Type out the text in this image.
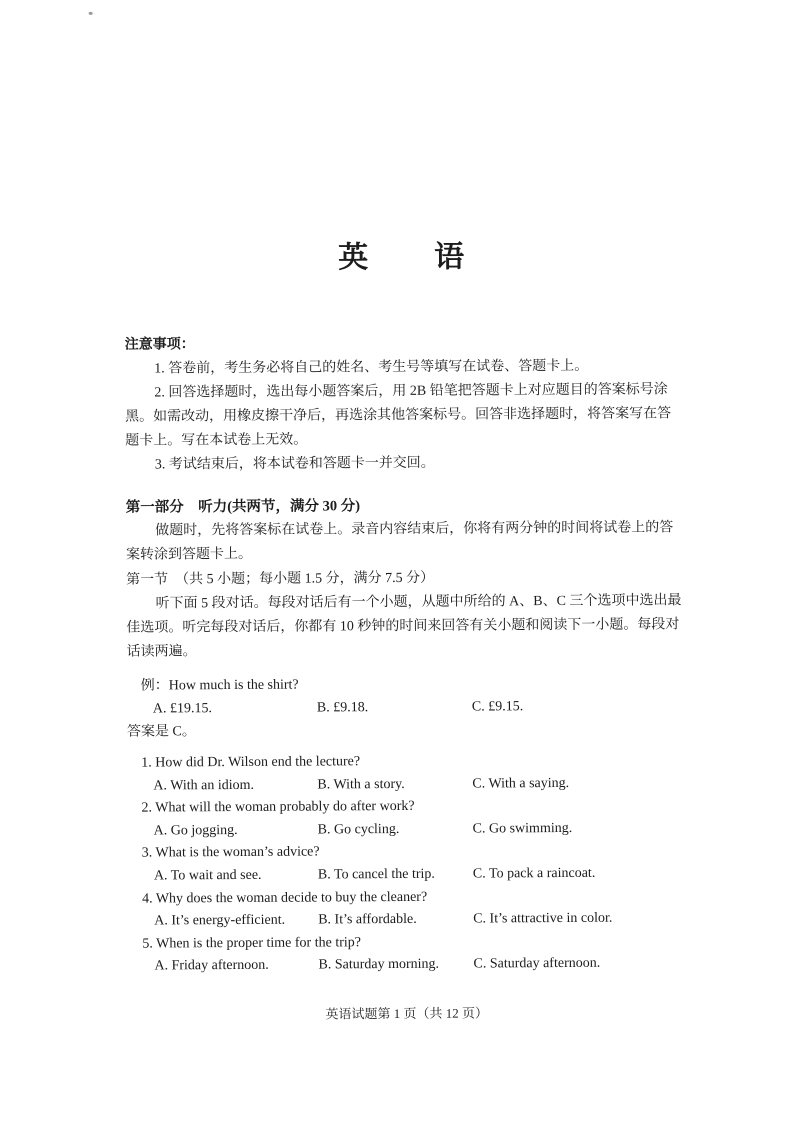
英　　语

注意事项：

1. 答卷前，考生务必将自己的姓名、考生号等填写在试卷、答题卡上。

2. 回答选择题时，选出每小题答案后，用 2B 铅笔把答题卡上对应题目的答案标号涂黑。如需改动，用橡皮擦干净后，再选涂其他答案标号。回答非选择题时，将答案写在答题卡上。写在本试卷上无效。

3. 考试结束后，将本试卷和答题卡一并交回。

第一部分　听力(共两节，满分 30 分)

做题时，先将答案标在试卷上。录音内容结束后，你将有两分钟的时间将试卷上的答案转涂到答题卡上。

第一节　（共 5 小题；每小题 1.5 分，满分 7.5 分）

听下面 5 段对话。每段对话后有一个小题，从题中所给的 A、B、C 三个选项中选出最佳选项。听完每段对话后，你都有 10 秒钟的时间来回答有关小题和阅读下一小题。每段对话读两遍。

例：How much is the shirt?

A. £19.15.	B. £9.18.	C. £9.15.

答案是 C。

1. How did Dr. Wilson end the lecture?

A. With an idiom.	B. With a story.	C. With a saying.

2. What will the woman probably do after work?

A. Go jogging.	B. Go cycling.	C. Go swimming.

3. What is the woman’s advice?

A. To wait and see.	B. To cancel the trip.	C. To pack a raincoat.

4. Why does the woman decide to buy the cleaner?

A. It’s energy-efficient. B. It’s affordable.	C. It’s attractive in color.

5. When is the proper time for the trip?

A. Friday afternoon.	B. Saturday morning. C. Saturday afternoon.

英语试题第 1 页（共 12 页）
